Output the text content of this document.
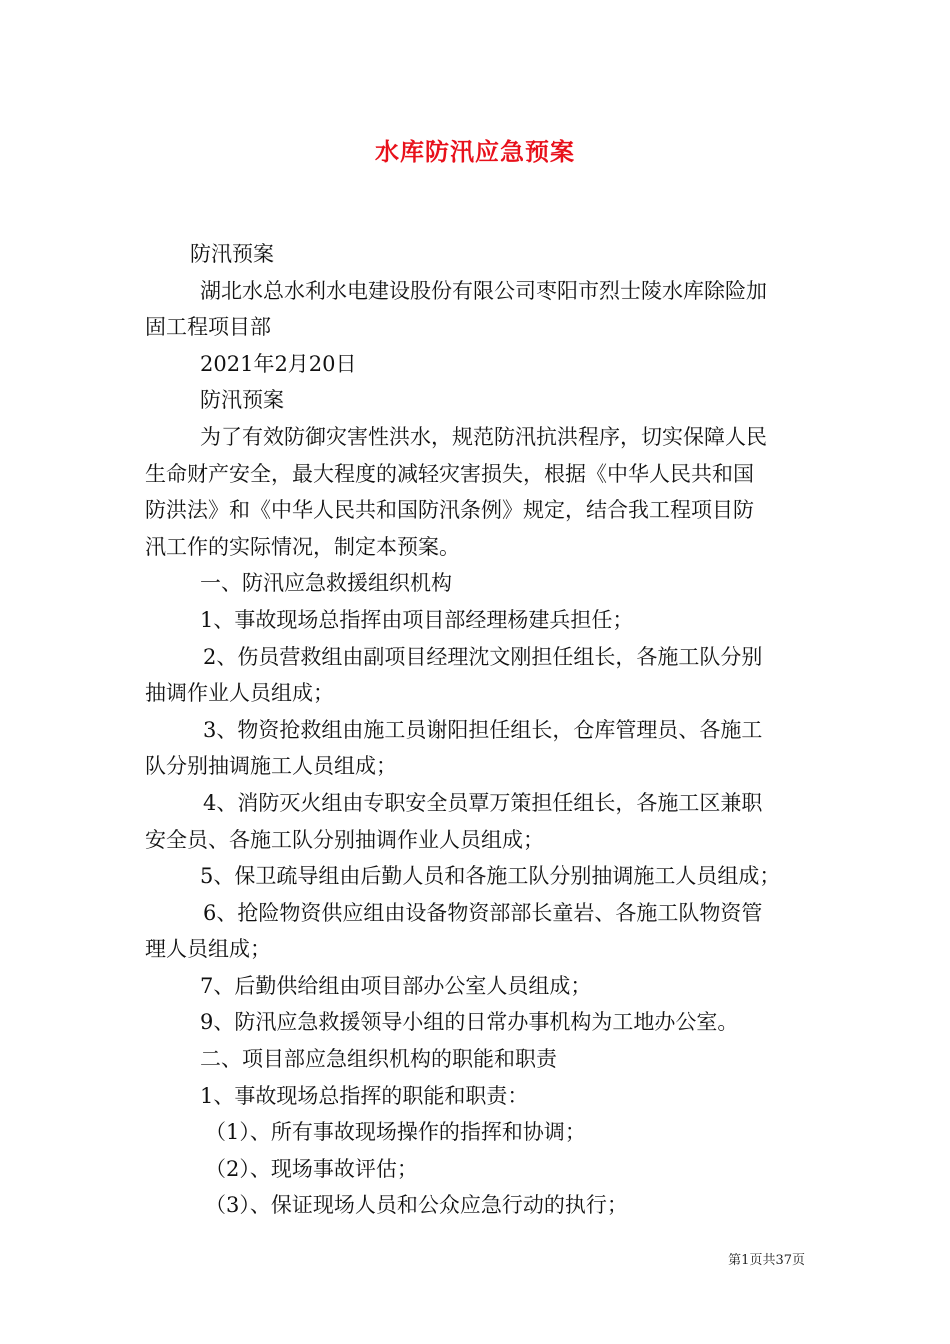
水库防汛应急预案
防汛预案
湖北水总水利水电建设股份有限公司枣阳市烈士陵水库除险加
固工程项目部
2021年2月20日
防汛预案
为了有效防御灾害性洪水，规范防汛抗洪程序，切实保障人民
生命财产安全，最大程度的减轻灾害损失，根据《中华人民共和国
防洪法》和《中华人民共和国防汛条例》规定，结合我工程项目防
汛工作的实际情况，制定本预案。
一、防汛应急救援组织机构
1、事故现场总指挥由项目部经理杨建兵担任；
2、伤员营救组由副项目经理沈文刚担任组长，各施工队分别
抽调作业人员组成；
3、物资抢救组由施工员谢阳担任组长，仓库管理员、各施工
队分别抽调施工人员组成；
4、消防灭火组由专职安全员覃万策担任组长，各施工区兼职
安全员、各施工队分别抽调作业人员组成；
5、保卫疏导组由后勤人员和各施工队分别抽调施工人员组成；
6、抢险物资供应组由设备物资部部长童岩、各施工队物资管
理人员组成；
7、后勤供给组由项目部办公室人员组成；
9、防汛应急救援领导小组的日常办事机构为工地办公室。
二、项目部应急组织机构的职能和职责
1、事故现场总指挥的职能和职责：
（1）、所有事故现场操作的指挥和协调；
（2）、现场事故评估；
（3）、保证现场人员和公众应急行动的执行；
第1页共37页
